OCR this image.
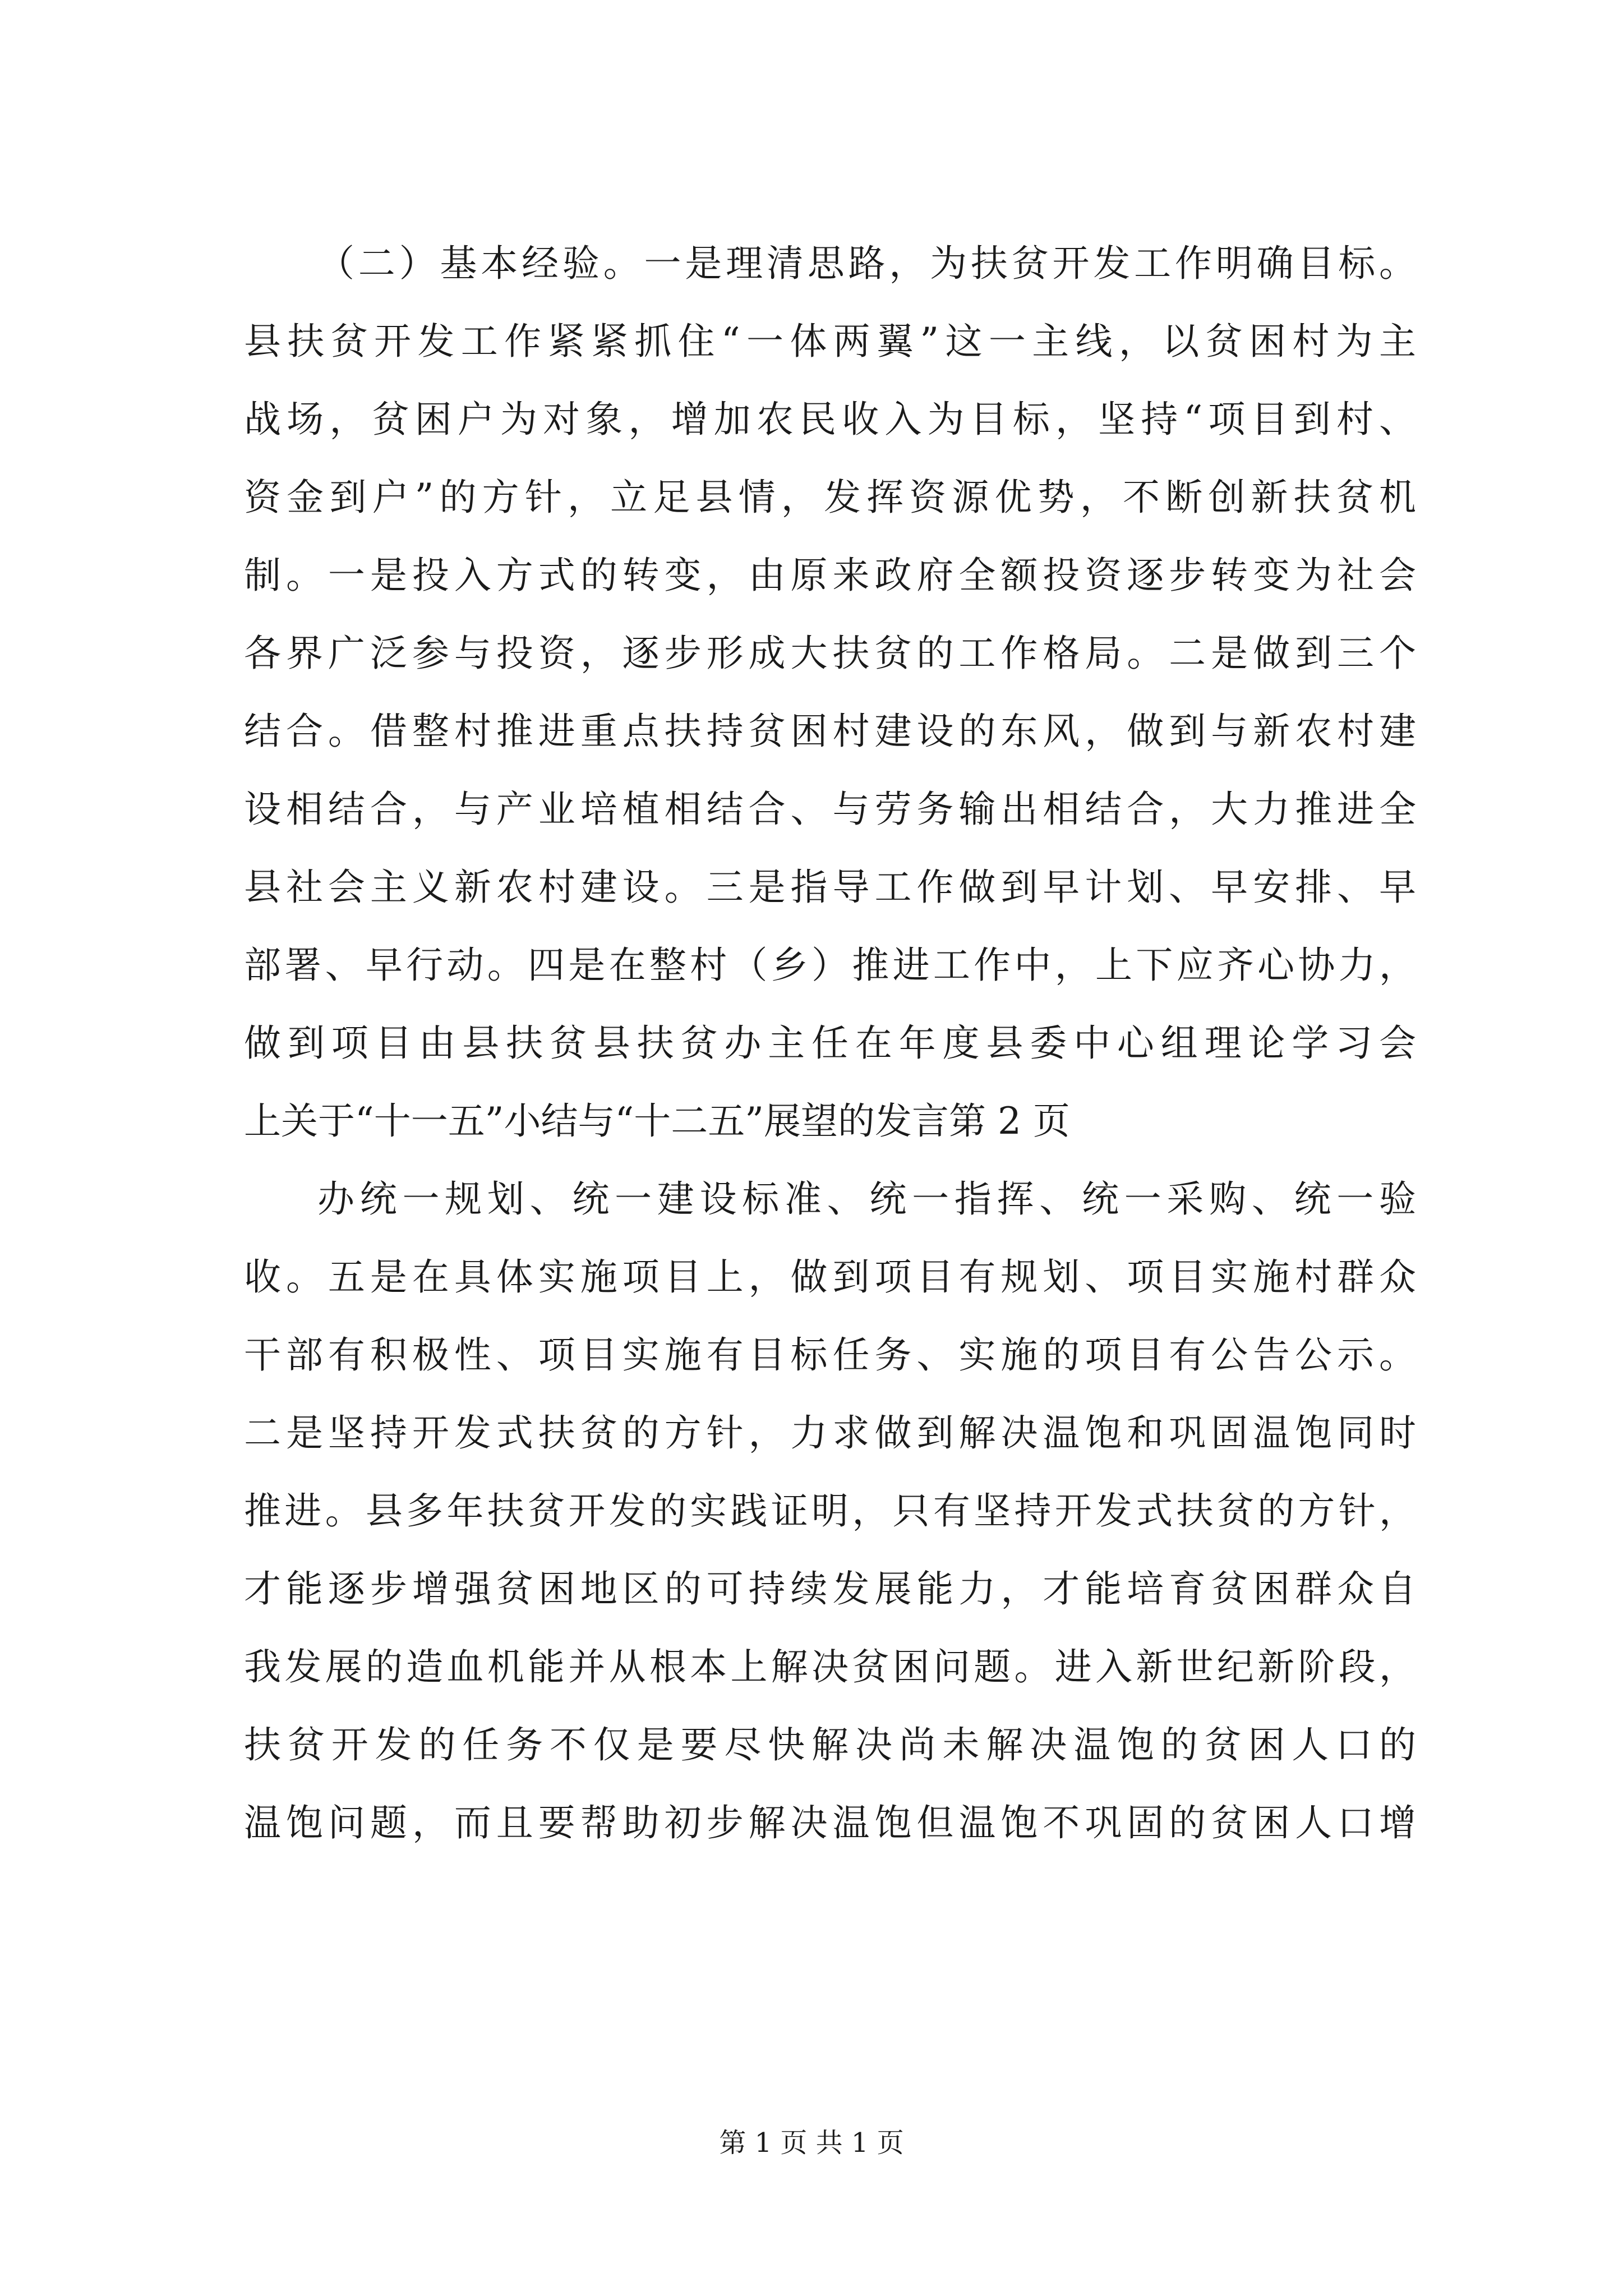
（二）基本经验。一是理清思路，为扶贫开发工作明确目标。
县扶贫开发工作紧紧抓住“一体两翼”这一主线，以贫困村为主
战场，贫困户为对象，增加农民收入为目标，坚持“项目到村、
资金到户”的方针，立足县情，发挥资源优势，不断创新扶贫机
制。一是投入方式的转变，由原来政府全额投资逐步转变为社会
各界广泛参与投资，逐步形成大扶贫的工作格局。二是做到三个
结合。借整村推进重点扶持贫困村建设的东风，做到与新农村建
设相结合，与产业培植相结合、与劳务输出相结合，大力推进全
县社会主义新农村建设。三是指导工作做到早计划、早安排、早
部署、早行动。四是在整村（乡）推进工作中，上下应齐心协力，
做到项目由县扶贫县扶贫办主任在年度县委中心组理论学习会
上关于“十一五”小结与“十二五”展望的发言第 2 页
办统一规划、统一建设标准、统一指挥、统一采购、统一验
收。五是在具体实施项目上，做到项目有规划、项目实施村群众
干部有积极性、项目实施有目标任务、实施的项目有公告公示。
二是坚持开发式扶贫的方针，力求做到解决温饱和巩固温饱同时
推进。县多年扶贫开发的实践证明，只有坚持开发式扶贫的方针，
才能逐步增强贫困地区的可持续发展能力，才能培育贫困群众自
我发展的造血机能并从根本上解决贫困问题。进入新世纪新阶段，
扶贫开发的任务不仅是要尽快解决尚未解决温饱的贫困人口的
温饱问题，而且要帮助初步解决温饱但温饱不巩固的贫困人口增
第 1 页 共 1 页
